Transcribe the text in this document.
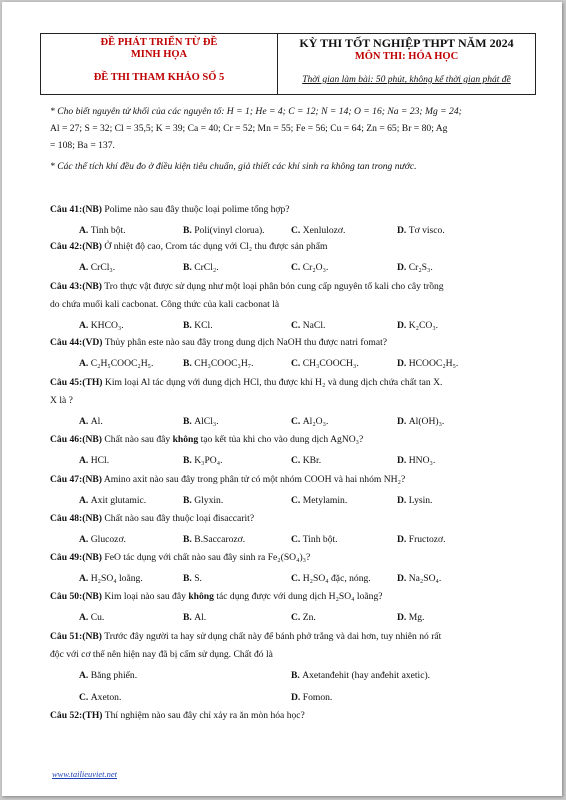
ĐỀ PHÁT TRIỂN TỪ ĐỀ
MINH HỌA
ĐỀ THI THAM KHẢO SỐ 5
KỲ THI TỐT NGHIỆP THPT NĂM 2024
MÔN THI: HÓA HỌC
Thời gian làm bài: 50 phút, không kể thời gian phát đề
* Cho biết nguyên tử khối của các nguyên tố: H = 1; He = 4; C = 12; N = 14; O = 16; Na = 23; Mg = 24;
Al = 27; S = 32; Cl = 35,5; K = 39; Ca = 40; Cr = 52; Mn = 55; Fe = 56; Cu = 64; Zn = 65; Br = 80; Ag
= 108; Ba = 137.
* Các thể tích khí đều đo ở điều kiện tiêu chuẩn, giả thiết các khí sinh ra không tan trong nước.
Câu 41:(NB) Polime nào sau đây thuộc loại polime tổng hợp?
A. Tinh bột.	B. Poli(vinyl clorua).	C. Xenlulozơ.	D. Tơ visco.
Câu 42:(NB) Ở nhiệt độ cao, Crom tác dụng với Cl₂ thu được sản phẩm
A. CrCl₃.	B. CrCl₂.	C. Cr₂O₃.	D. Cr₂S₃.
Câu 43:(NB) Tro thực vật được sử dụng như một loại phân bón cung cấp nguyên tố kali cho cây trồng
do chứa muối kali cacbonat. Công thức của kali cacbonat là
A. KHCO₃.	B. KCl.	C. NaCl.	D. K₂CO₃.
Câu 44:(VD) Thủy phân este nào sau đây trong dung dịch NaOH thu được natri fomat?
A. C₂H₅COOC₂H₅.	B. CH₃COOC₃H₇.	C. CH₃COOCH₃.	D. HCOOC₂H₅.
Câu 45:(TH) Kim loại Al tác dụng với dung dịch HCl, thu được khí H₂ và dung dịch chứa chất tan X.
X là ?
A. Al.	B. AlCl₃.	C. Al₂O₃.	D. Al(OH)₃.
Câu 46:(NB) Chất nào sau đây không tạo kết tủa khi cho vào dung dịch AgNO₃?
A. HCl.	B. K₃PO₄.	C. KBr.	D. HNO₃.
Câu 47:(NB) Amino axit nào sau đây trong phân tử có một nhóm COOH và hai nhóm NH₂?
A. Axit glutamic.	B. Glyxin.	C. Metylamin.	D. Lysin.
Câu 48:(NB) Chất nào sau đây thuộc loại đisaccarit?
A. Glucozơ.	B. B.Saccarozơ.	C. Tinh bột.	D. Fructozơ.
Câu 49:(NB) FeO tác dụng với chất nào sau đây sinh ra Fe₂(SO₄)₃?
A. H₂SO₄ loãng.	B. S.	C. H₂SO₄ đặc, nóng.	D. Na₂SO₄.
Câu 50:(NB) Kim loại nào sau đây không tác dụng được với dung dịch H₂SO₄ loãng?
A. Cu.	B. Al.	C. Zn.	D. Mg.
Câu 51:(NB) Trước đây người ta hay sử dụng chất này để bánh phở trắng và dai hơn, tuy nhiên nó rất
độc với cơ thể nên hiện nay đã bị cấm sử dụng. Chất đó là
A. Băng phiến.	B. Axetanđehit (hay anđehit axetic).
C. Axeton.	D. Fomon.
Câu 52:(TH) Thí nghiệm nào sau đây chỉ xảy ra ăn mòn hóa học?
www.tailieuviet.net
